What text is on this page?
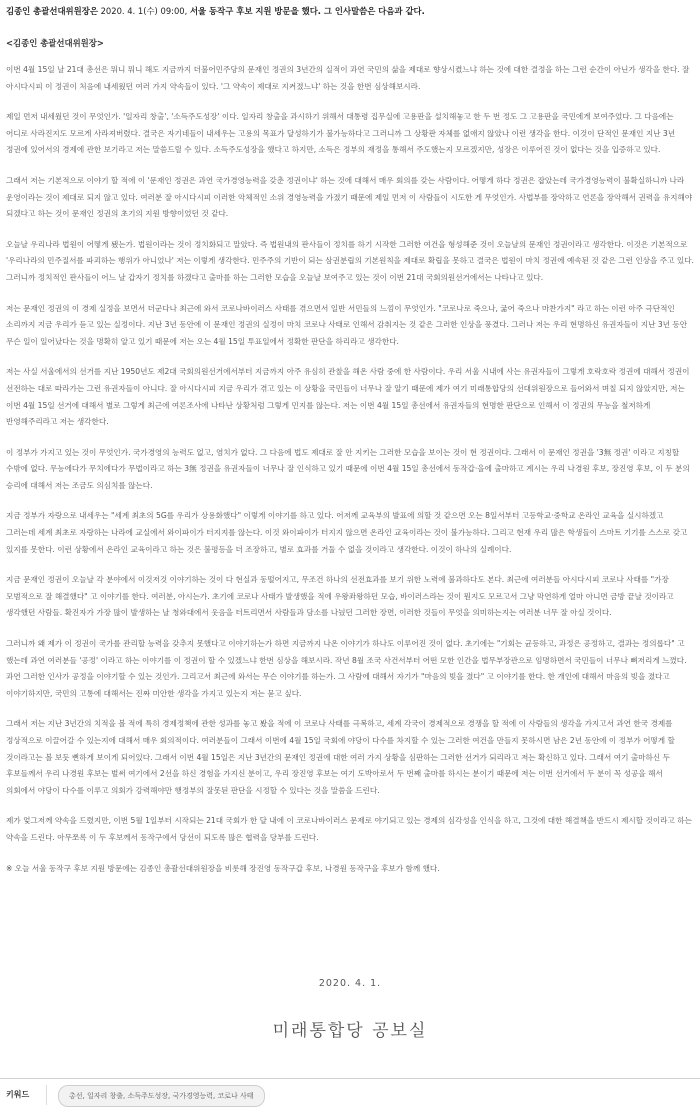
김종인 총괄선대위원장은 2020. 4. 1(수) 09:00, 서울 동작구 후보 지원 방문을 했다. 그 인사말씀은 다음과 같다.
<김종인 총괄선대위원장>

이번 4월 15일 날 21대 총선은 뭐니 뭐니 해도 지금까지 더불어민주당의 문재인 정권의 3년간의 실적이 과연 국민의 삶을 제대로 향상시켰느냐 하는 것에 대한 결정을 하는 그런 순간이 아닌가 생각을 한다. 잘 아시다시피 이 정권이 처음에 내세웠던 여러 가지 약속들이 있다. '그 약속이 제대로 지켜졌느냐' 하는 것을 한번 심상해보시라.

제일 먼저 내세웠던 것이 무엇인가. '일자리 창출', '소득주도성장' 이다. 일자리 창출을 과시하기 위해서 대통령 집무실에 고용판을 설치해놓고 한 두 번 정도 그 고용판을 국민에게 보여주었다. 그 다음에는 어디로 사라진지도 모르게 사라져버렸다. 결국은 자기네들이 내세우는 고용의 목표가 달성하기가 불가능하다고 그러니까 그 상황판 자체를 없애지 않았나 이런 생각을 한다. 이것이 단적인 문재인 지난 3년 정권에 있어서의 경제에 관한 보기라고 저는 말씀드릴 수 있다. 소득주도성장을 했다고 하지만, 소득은 정부의 재정을 통해서 주도했는지 모르겠지만, 성장은 이루어진 것이 없다는 것을 입증하고 있다.

그래서 저는 기본적으로 이야기 할 적에 이 '문재인 정권은 과연 국가경영능력을 갖춘 정권이냐' 하는 것에 대해서 매우 회의를 갖는 사람이다. 어떻게 하다 정권은 잡았는데 국가경영능력이 불확실하니까 나라 운영이라는 것이 제대로 되지 않고 있다. 여러분 잘 아시다시피 이러한 악체적인 소위 경영능력을 가졌기 때문에 제일 먼저 이 사람들이 시도한 게 무엇인가. 사법부를 장악하고 언론을 장악해서 권력을 유지해야 되겠다고 하는 것이 문재인 정권의 초기의 지원 방향이었던 것 같다.

오늘날 우리나라 법원이 어떻게 됐는가. 법원이라는 것이 정치화되고 말았다. 즉 법원내의 판사들이 정치를 하기 시작한 그러한 여건을 형성해준 것이 오늘날의 문재인 정권이라고 생각한다. 이것은 기본적으로 '우리나라의 민주질서를 파괴하는 행위가 아니었나' 저는 이렇게 생각한다. 민주주의 기반이 되는 삼권분립의 기본원칙을 제대로 확립을 못하고 결국은 법원이 마치 정권에 예속된 것 같은 그런 인상을 주고 있다. 그러니까 정치적인 판사들이 어느 날 갑자기 정치를 하겠다고 출마를 하는 그러한 모습을 오늘날 보여주고 있는 것이 이번 21대 국회의원선거에서는 나타나고 있다.

저는 문재인 정권의 이 경제 실정을 보면서 더군다나 최근에 와서 코로나바이러스 사태를 겪으면서 일반 서민들의 느낌이 무엇인가. "코로나로 죽으나, 굶어 죽으나 마찬가지" 라고 하는 이런 아주 극단적인 소리까지 지금 우리가 듣고 있는 실정이다. 지난 3년 동안에 이 문재인 정권의 실정이 마치 코로나 사태로 인해서 감춰지는 것 같은 그러한 인상을 풍겼다. 그러나 저는 우리 현명하신 유권자들이 지난 3년 동안 무슨 일이 일어났다는 것을 명확히 알고 있기 때문에 저는 오는 4월 15일 투표일에서 정확한 판단을 하리라고 생각한다.

저는 사실 서울에서의 선거를 지난 1950년도 제2대 국회의원선거에서부터 지금까지 아주 유심히 관찰을 해온 사람 중에 한 사람이다. 우리 서울 시내에 사는 유권자들이 그렇게 호락호락 정권에 대해서 정권이 선전하는 대로 따라가는 그런 유권자들이 아니다. 잘 아시다시피 지금 우리가 겪고 있는 이 상황을 국민들이 너무나 잘 알기 때문에 제가 여기 미래통합당의 선대위원장으로 들어와서 며칠 되지 않았지만, 저는 이번 4월 15일 선거에 대해서 별로 그렇게 최근에 여론조사에 나타난 상황처럼 그렇게 민지를 않는다. 저는 이번 4월 15일 총선에서 유권자들의 현명한 판단으로 인해서 이 정권의 무능을 철저하게 반영해주리라고 저는 생각한다.

이 정부가 가지고 있는 것이 무엇인가. 국가경영의 능력도 없고, 염치가 없다. 그 다음에 법도 제대로 잘 안 지키는 그러한 모습을 보이는 것이 현 정권이다. 그래서 이 문재인 정권을 '3無 정권' 이라고 지칭할 수밖에 없다. 무능에다가 무치에다가 무법이라고 하는 3無 정권을 유권자들이 너무나 잘 인식하고 있기 때문에 이번 4월 15일 총선에서 동작갑·을에 출마하고 계시는 우리 나경원 후보, 장진영 후보, 이 두 분의 승리에 대해서 저는 조금도 의심치를 않는다.

지금 정부가 자랑으로 내세우는 "세계 최초의 5G를 우리가 상용화했다" 이렇게 이야기를 하고 있다. 어저께 교육부의 발표에 의할 것 같으면 오는 8일서부터 고등학교·중학교 온라인 교육을 실시하겠고 그러는데 세계 최초로 자랑하는 나라에 교실에서 와이파이가 터지지를 않는다. 이것 와이파이가 터지지 않으면 온라인 교육이라는 것이 불가능하다. 그리고 현재 우리 많은 학생들이 스마트 기기를 스스로 갖고 있지를 못한다. 이런 상황에서 온라인 교육이라고 하는 것은 불평등을 더 조장하고, 별로 효과를 거둘 수 없을 것이라고 생각한다. 이것이 하나의 실례이다.

지금 문재인 정권이 오늘날 각 분야에서 이것저것 이야기하는 것이 다 현실과 동떨어지고, 무조건 하나의 선전효과를 보기 위한 노력에 불과하다도 본다. 최근에 여러분들 아시다시피 코로나 사태를 "가장 모범적으로 잘 해결했다" 고 이야기를 한다. 여러분, 아시는가. 초기에 코로나 사태가 발생했을 적에 우왕좌왕하던 모습, 바이러스라는 것이 뭔지도 모르고서 그냥 막연하게 얼마 아니면 금방 끝날 것이라고 생각했던 사람들. 확진자가 가장 많이 발생하는 날 청와대에서 웃음을 터트리면서 사람들과 담소를 나눴던 그러한 장면, 이러한 것들이 무엇을 의미하는지는 여러분 너무 잘 아실 것이다.

그러니까 왜 제가 이 정권이 국가를 관리할 능력을 갖추지 못했다고 이야기하는가 하면 지금까지 나온 이야기가 하나도 이루어진 것이 없다. 초기에는 "기회는 균등하고, 과정은 공정하고, 결과는 정의롭다" 고 했는데 과연 여러분들 '공정' 이라고 하는 이야기를 이 정권이 할 수 있겠느냐 한번 심상을 해보시라. 작년 8월 조국 사건서부터 어떤 모한 인간을 법무부장관으로 임명하면서 국민들이 너무나 뼈저리게 느꼈다. 과연 그러한 인사가 공정을 이야기할 수 있는 것인가. 그리고서 최근에 와서는 무슨 이야기를 하는가. 그 사람에 대해서 자기가 "마음의 빚을 졌다" 고 이야기를 한다. 한 개인에 대해서 마음의 빚을 졌다고 이야기하지만, 국민의 고통에 대해서는 진짜 미안한 생각을 가지고 있는지 저는 묻고 싶다.

그래서 저는 지난 3년간의 치적을 볼 적에 특히 경제정책에 관한 성과를 놓고 봤을 적에 이 코로나 사태를 극복하고, 세계 각국이 경제적으로 경쟁을 할 적에 이 사람들의 생각을 가지고서 과연 한국 경제를 정상적으로 이끌어갈 수 있는지에 대해서 매우 회의적이다. 여러분들이 그래서 이번에 4월 15일 국회에 야당이 다수를 차지할 수 있는 그러한 여건을 만들지 못하시면 남은 2년 동안에 이 정부가 어떻게 할 것이라고는 볼 보듯 뻔하게 보이게 되어있다. 그래서 이번 4월 15일은 지난 3년간의 문재인 정권에 대한 여러 가지 상황을 심판하는 그러한 선거가 되리라고 저는 확신하고 있다. 그래서 여기 출마하신 두 후보들께서 우리 나경원 후보는 벌써 여기에서 2선을 하신 경험을 가지신 분이고, 우리 장진영 후보는 여기 도박아로서 두 번째 출마를 하시는 분이기 때문에 저는 이번 선거에서 두 분이 꼭 성공을 해서 의회에서 야당이 다수를 이루고 의회가 강력해야만 행정부의 잘못된 판단을 시정할 수 있다는 것을 말씀을 드린다.

제가 엊그저께 약속을 드렸지만, 이번 5월 1일부터 시작되는 21대 국회가 한 달 내에 이 코로나바이러스 문제로 야기되고 있는 경제의 심각성을 인식을 하고, 그것에 대한 해결책을 반드시 제시할 것이라고 하는 약속을 드린다. 아무쪼록 이 두 후보께서 동작구에서 당선이 되도록 많은 협력을 당부를 드린다.

※ 오늘 서울 동작구 후보 지원 방문에는 김종인 총괄선대위원장을 비롯해 장진영 동작구갑 후보, 나경원 동작구을 후보가 함께 했다.

2020. 4. 1.
미래통합당 공보실
키워드	총선, 일자리 창출, 소득주도성장, 국가경영능력, 코로나 사태
